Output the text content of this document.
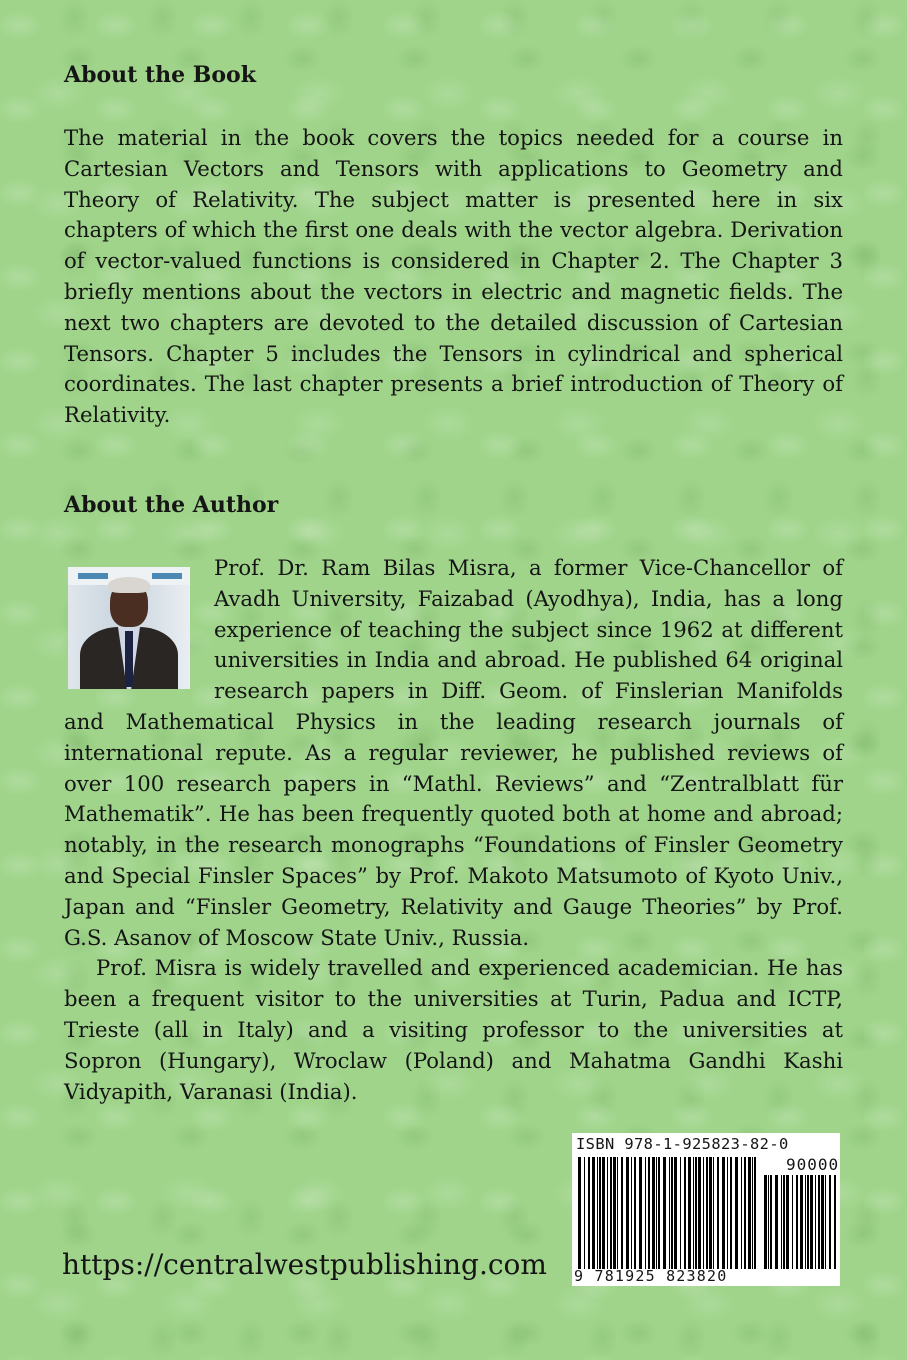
About the Book

The material in the book covers the topics needed for a course in Cartesian Vectors and Tensors with applications to Geometry and Theory of Relativity. The subject matter is presented here in six chapters of which the first one deals with the vector algebra. Derivation of vector-valued functions is considered in Chapter 2. The Chapter 3 briefly mentions about the vectors in electric and magnetic fields. The next two chapters are devoted to the detailed discussion of Cartesian Tensors. Chapter 5 includes the Tensors in cylindrical and spherical coordinates. The last chapter presents a brief introduction of Theory of Relativity.

About the Author

Prof. Dr. Ram Bilas Misra, a former Vice-Chancellor of Avadh University, Faizabad (Ayodhya), India, has a long experience of teaching the subject since 1962 at different universities in India and abroad. He published 64 original research papers in Diff. Geom. of Finslerian Manifolds and Mathematical Physics in the leading research journals of international repute. As a regular reviewer, he published reviews of over 100 research papers in “Mathl. Reviews” and “Zentralblatt für Mathematik”. He has been frequently quoted both at home and abroad; notably, in the research monographs “Foundations of Finsler Geometry and Special Finsler Spaces” by Prof. Makoto Matsumoto of Kyoto Univ., Japan and “Finsler Geometry, Relativity and Gauge Theories” by Prof. G.S. Asanov of Moscow State Univ., Russia.

Prof. Misra is widely travelled and experienced academician. He has been a frequent visitor to the universities at Turin, Padua and ICTP, Trieste (all in Italy) and a visiting professor to the universities at Sopron (Hungary), Wroclaw (Poland) and Mahatma Gandhi Kashi Vidyapith, Varanasi (India).

https://centralwestpublishing.com

ISBN 978-1-925823-82-0
90000
9 781925 823820
